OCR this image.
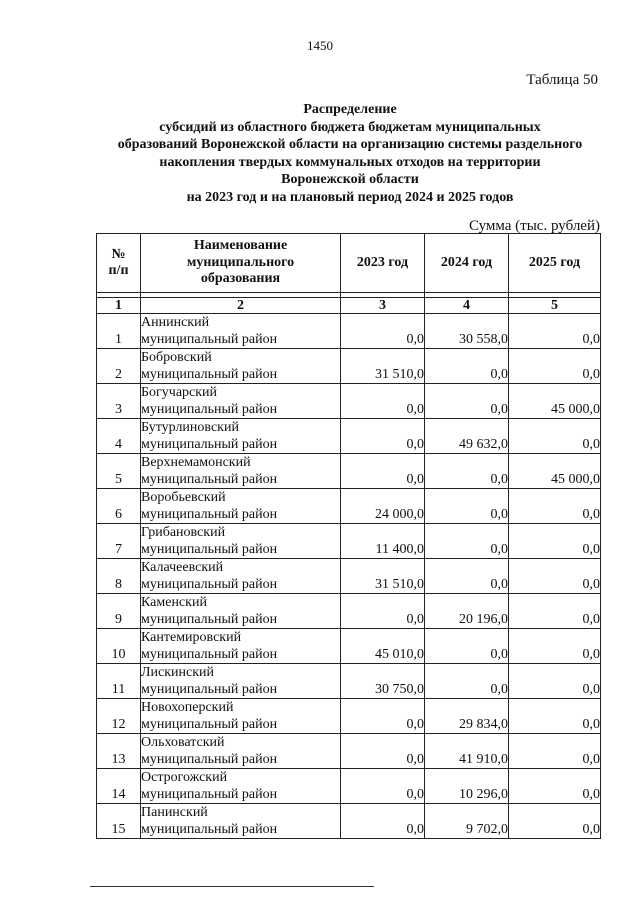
1450
Таблица 50
Распределение
субсидий из областного бюджета бюджетам муниципальных
образований Воронежской области на организацию системы раздельного
накопления твердых коммунальных отходов на территории
Воронежской области
на 2023 год и на плановый период 2024 и 2025 годов
Сумма (тыс. рублей)
№
п/п	Наименование
муниципального
образования	2023 год	2024 год	2025 год

1	2	3	4	5
1	Аннинский
муниципальный район	0,0	30 558,0	0,0
2	Бобровский
муниципальный район	31 510,0	0,0	0,0
3	Богучарский
муниципальный район	0,0	0,0	45 000,0
4	Бутурлиновский
муниципальный район	0,0	49 632,0	0,0
5	Верхнемамонский
муниципальный район	0,0	0,0	45 000,0
6	Воробьевский
муниципальный район	24 000,0	0,0	0,0
7	Грибановский
муниципальный район	11 400,0	0,0	0,0
8	Калачеевский
муниципальный район	31 510,0	0,0	0,0
9	Каменский
муниципальный район	0,0	20 196,0	0,0
10	Кантемировский
муниципальный район	45 010,0	0,0	0,0
11	Лискинский
муниципальный район	30 750,0	0,0	0,0
12	Новохоперский
муниципальный район	0,0	29 834,0	0,0
13	Ольховатский
муниципальный район	0,0	41 910,0	0,0
14	Острогожский
муниципальный район	0,0	10 296,0	0,0
15	Панинский
муниципальный район	0,0	9 702,0	0,0
